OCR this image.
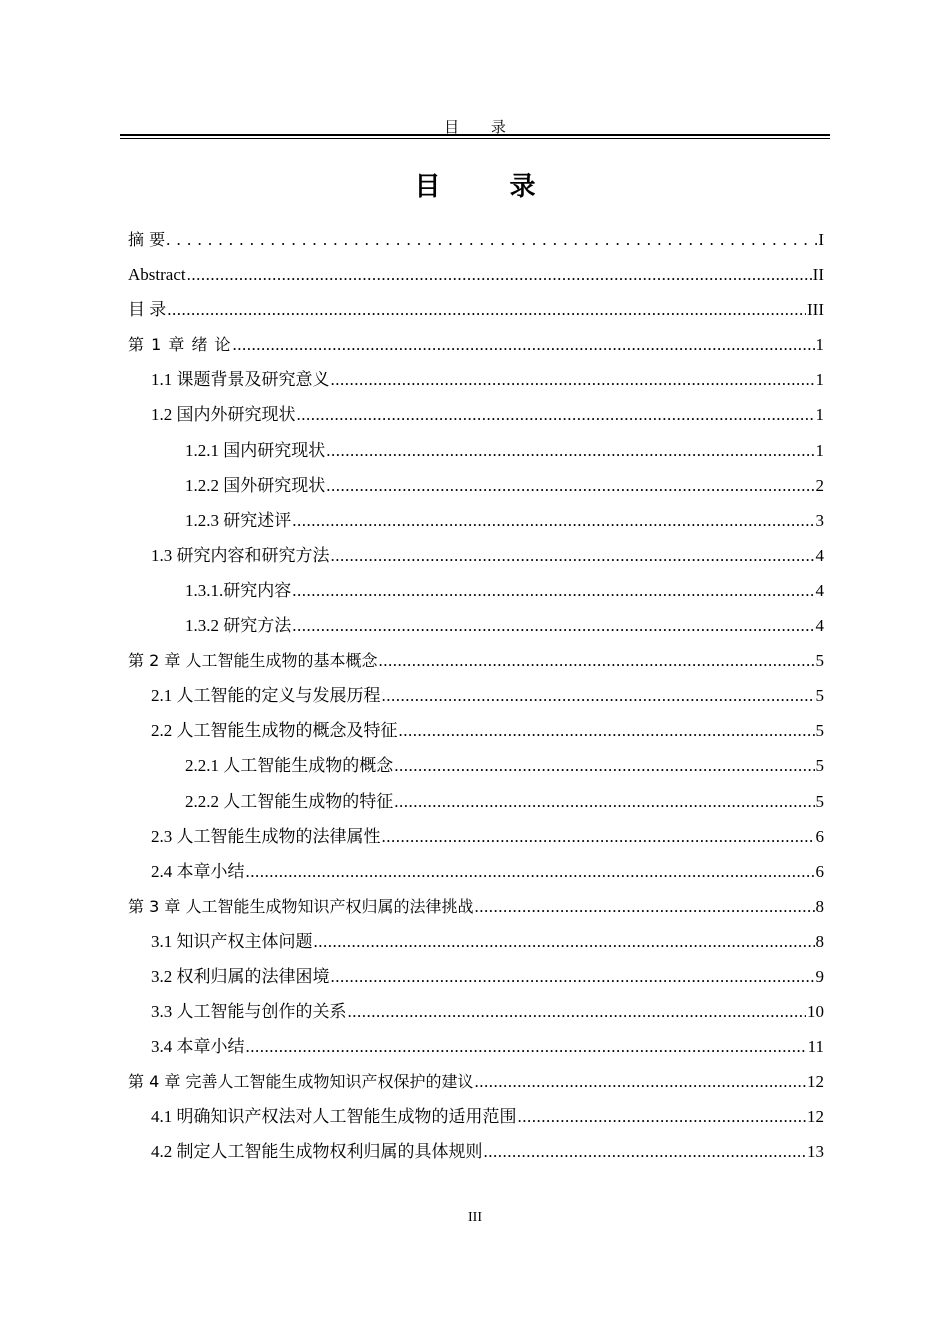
目 录
目 录
摘 要 .....	I
Abstract .....	II
目 录 .....	III
第 1 章 绪 论 .....	1
1.1 课题背景及研究意义 .....	1
1.2 国内外研究现状 .....	1
1.2.1 国内研究现状 .....	1
1.2.2 国外研究现状 .....	2
1.2.3 研究述评 .....	3
1.3 研究内容和研究方法 .....	4
1.3.1.研究内容 .....	4
1.3.2 研究方法 .....	4
第 2 章 人工智能生成物的基本概念 .....	5
2.1 人工智能的定义与发展历程 .....	5
2.2 人工智能生成物的概念及特征 .....	5
2.2.1 人工智能生成物的概念 .....	5
2.2.2 人工智能生成物的特征 .....	5
2.3 人工智能生成物的法律属性 .....	6
2.4 本章小结 .....	6
第 3 章 人工智能生成物知识产权归属的法律挑战 .....	8
3.1 知识产权主体问题 .....	8
3.2 权利归属的法律困境 .....	9
3.3 人工智能与创作的关系 .....	10
3.4 本章小结 .....	11
第 4 章 完善人工智能生成物知识产权保护的建议 .....	12
4.1 明确知识产权法对人工智能生成物的适用范围 .....	12
4.2 制定人工智能生成物权利归属的具体规则 .....	13
III
